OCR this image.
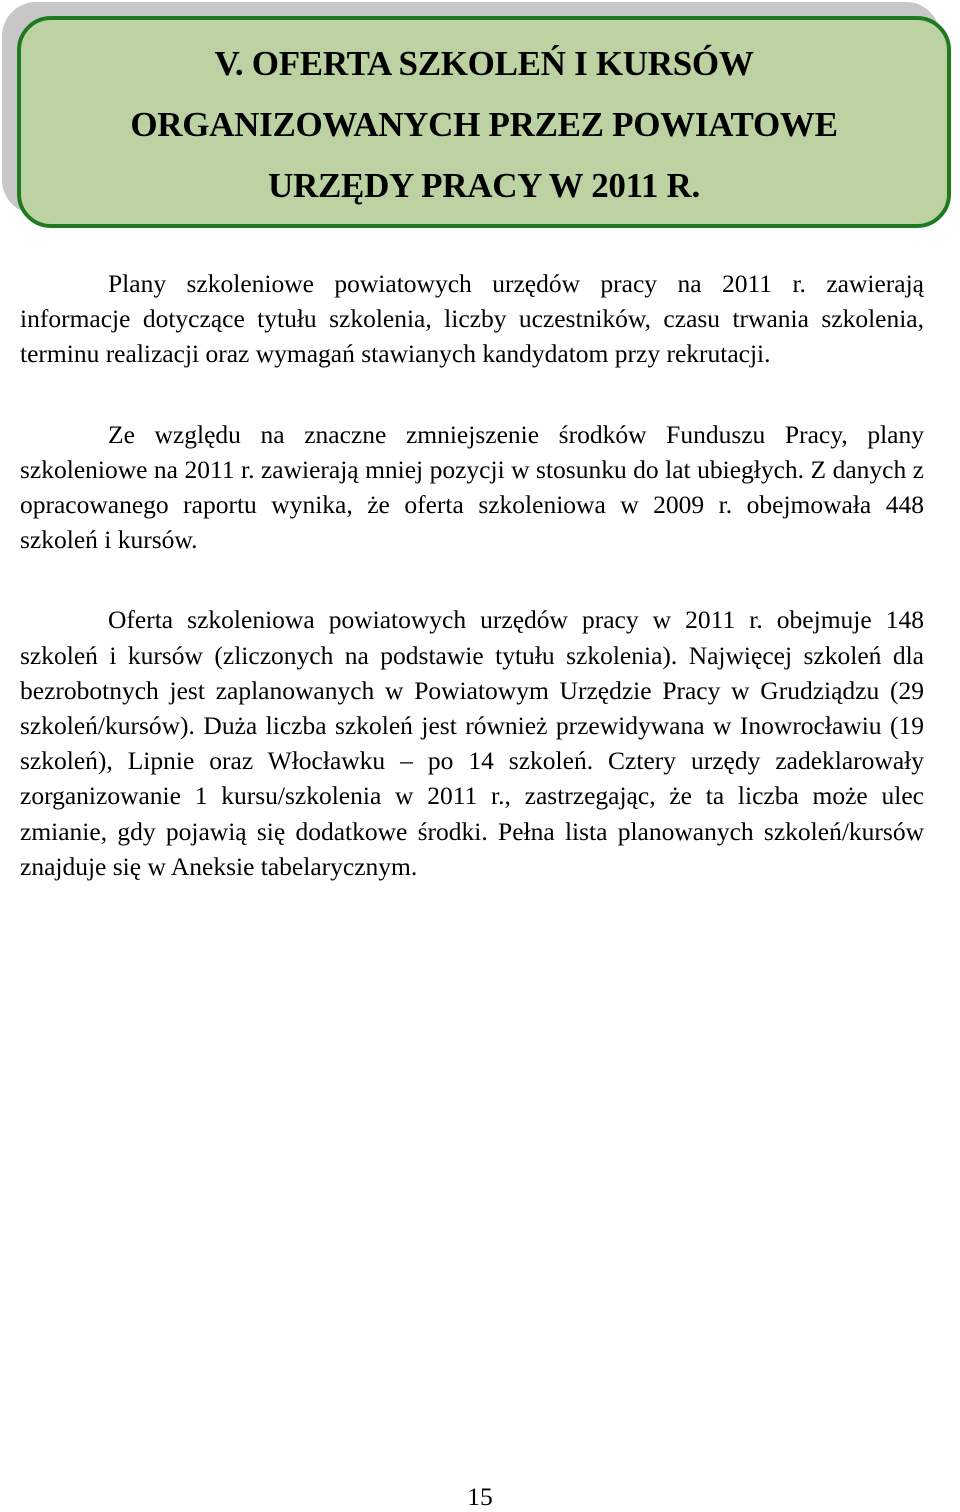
V. OFERTA SZKOLEŃ I KURSÓW
ORGANIZOWANYCH PRZEZ POWIATOWE
URZĘDY PRACY W 2011 R.

Plany szkoleniowe powiatowych urzędów pracy na 2011 r. zawierają informacje dotyczące tytułu szkolenia, liczby uczestników, czasu trwania szkolenia, terminu realizacji oraz wymagań stawianych kandydatom przy rekrutacji.

Ze względu na znaczne zmniejszenie środków Funduszu Pracy, plany szkoleniowe na 2011 r. zawierają mniej pozycji w stosunku do lat ubiegłych. Z danych z opracowanego raportu wynika, że oferta szkoleniowa w 2009 r. obejmowała 448 szkoleń i kursów.

Oferta szkoleniowa powiatowych urzędów pracy w 2011 r. obejmuje 148 szkoleń i kursów (zliczonych na podstawie tytułu szkolenia). Najwięcej szkoleń dla bezrobotnych jest zaplanowanych w Powiatowym Urzędzie Pracy w Grudziądzu (29 szkoleń/kursów). Duża liczba szkoleń jest również przewidywana w Inowrocławiu (19 szkoleń), Lipnie oraz Włocławku – po 14 szkoleń. Cztery urzędy zadeklarowały zorganizowanie 1 kursu/szkolenia w 2011 r., zastrzegając, że ta liczba może ulec zmianie, gdy pojawią się dodatkowe środki. Pełna lista planowanych szkoleń/kursów znajduje się w Aneksie tabelarycznym.

15
